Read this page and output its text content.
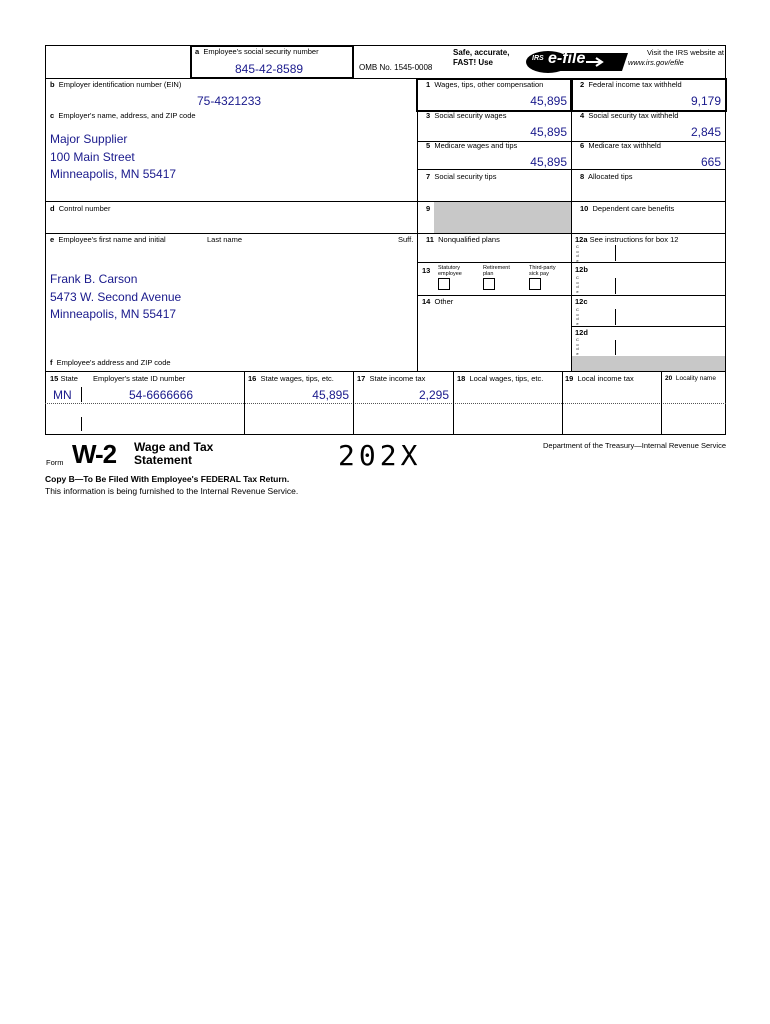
a Employee's social security number
845-42-8589	OMB No. 1545-0008
Safe, accurate,
FAST! Use	IRS e-file	Visit the IRS website at
www.irs.gov/efile
b Employer identification number (EIN)
75-4321233
c Employer's name, address, and ZIP code
Major Supplier
100 Main Street
Minneapolis, MN 55417
d Control number
e Employee's first name and initial	Last name	Suff.
Frank B. Carson
5473 W. Second Avenue
Minneapolis, MN 55417
f Employee's address and ZIP code
1 Wages, tips, other compensation
45,895
2 Federal income tax withheld
9,179
3 Social security wages
45,895
4 Social security tax withheld
2,845
5 Medicare wages and tips
45,895
6 Medicare tax withheld
665
7 Social security tips	8 Allocated tips
9	10 Dependent care benefits
11 Nonqualified plans	12a See instructions for box 12
C o d e
12b
C o d e
12c
C o d e
12d
C o d e
13 Statutory employee
Retirement plan
Third-party sick pay
14 Other
15 State Employer's state ID number
MN	54-6666666
16 State wages, tips, etc.
45,895
17 State income tax
2,295
18 Local wages, tips, etc.	19 Local income tax	20 Locality name
Form W-2 Wage and Tax
Statement	202X	Department of the Treasury—Internal Revenue Service
Copy B—To Be Filed With Employee's FEDERAL Tax Return.
This information is being furnished to the Internal Revenue Service.
